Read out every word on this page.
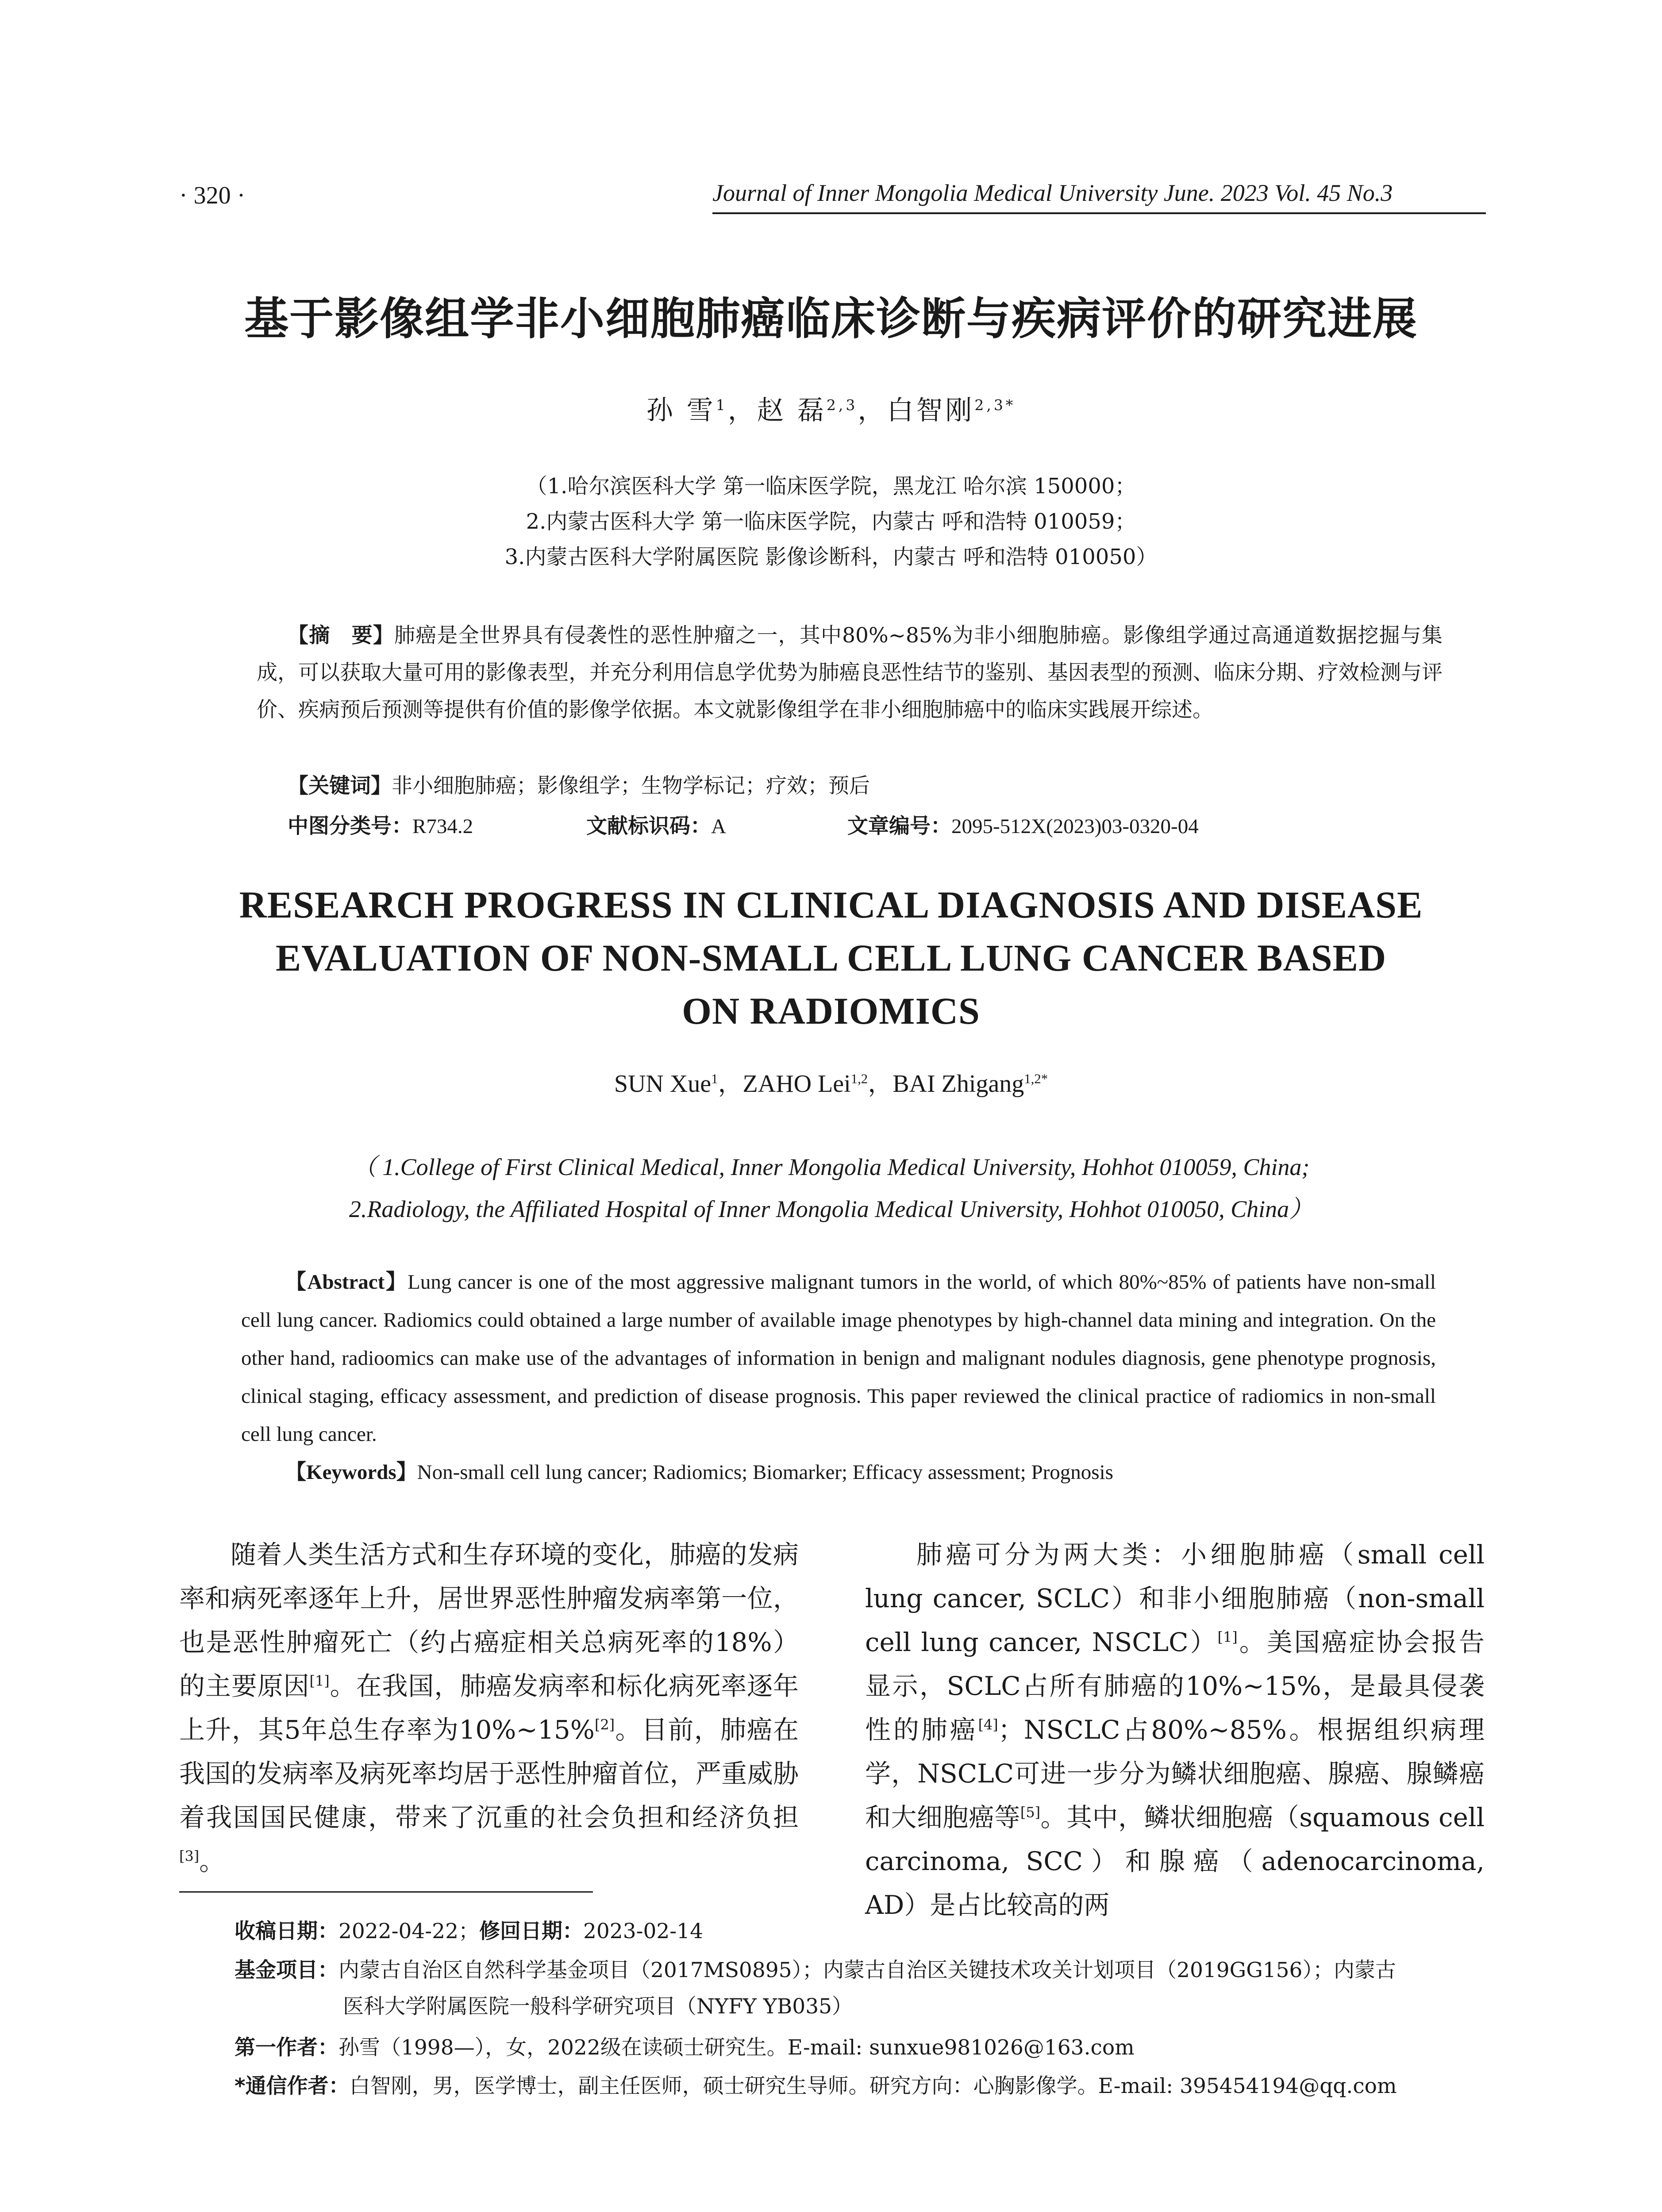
· 320 ·	Journal of Inner Mongolia Medical University June. 2023 Vol. 45 No.3
基于影像组学非小细胞肺癌临床诊断与疾病评价的研究进展
孙 雪$^1$，赵 磊$^{2,3}$，白智刚$^{2,3*}$
（1.哈尔滨医科大学 第一临床医学院，黑龙江 哈尔滨 150000；
2.内蒙古医科大学 第一临床医学院，内蒙古 呼和浩特 010059；
3.内蒙古医科大学附属医院 影像诊断科，内蒙古 呼和浩特 010050）
【摘　要】肺癌是全世界具有侵袭性的恶性肿瘤之一，其中80%~85%为非小细胞肺癌。影像组学通过高通道数据挖掘与集成，可以获取大量可用的影像表型，并充分利用信息学优势为肺癌良恶性结节的鉴别、基因表型的预测、临床分期、疗效检测与评价、疾病预后预测等提供有价值的影像学依据。本文就影像组学在非小细胞肺癌中的临床实践展开综述。
【关键词】非小细胞肺癌；影像组学；生物学标记；疗效；预后
中图分类号：R734.2	文献标识码：A	文章编号：2095-512X(2023)03-0320-04
RESEARCH PROGRESS IN CLINICAL DIAGNOSIS AND DISEASE
EVALUATION OF NON-SMALL CELL LUNG CANCER BASED
ON RADIOMICS
SUN Xue$^1$，ZAHO Lei$^{1,2}$，BAI Zhigang$^{1,2*}$
（ 1.College of First Clinical Medical, Inner Mongolia Medical University, Hohhot 010059, China;
2.Radiology, the Affiliated Hospital of Inner Mongolia Medical University, Hohhot 010050, China）
【Abstract】Lung cancer is one of the most aggressive malignant tumors in the world, of which 80%~85% of patients have non-small cell lung cancer. Radiomics could obtained a large number of available image phenotypes by high-channel data mining and integration. On the other hand, radioomics can make use of the advantages of information in benign and malignant nodules diagnosis, gene phenotype prognosis, clinical staging, efficacy assessment, and prediction of disease prognosis. This paper reviewed the clinical practice of radiomics in non-small cell lung cancer.
【Keywords】Non-small cell lung cancer; Radiomics; Biomarker; Efficacy assessment; Prognosis

随着人类生活方式和生存环境的变化，肺癌的发病率和病死率逐年上升，居世界恶性肿瘤发病率第一位，也是恶性肿瘤死亡（约占癌症相关总病死率的18%）的主要原因[1]。在我国，肺癌发病率和标化病死率逐年上升，其5年总生存率为10%~15%[2]。目前，肺癌在我国的发病率及病死率均居于恶性肿瘤首位，严重威胁着我国国民健康，带来了沉重的社会负担和经济负担[3]。

肺癌可分为两大类：小细胞肺癌（small cell lung cancer, SCLC）和非小细胞肺癌（non-small cell lung cancer, NSCLC）[1]。美国癌症协会报告显示，SCLC占所有肺癌的10%~15%，是最具侵袭性的肺癌[4]；NSCLC占80%~85%。根据组织病理学，NSCLC可进一步分为鳞状细胞癌、腺癌、腺鳞癌和大细胞癌等[5]。其中，鳞状细胞癌（squamous cell carcinoma, SCC）和腺癌（adenocarcinoma, AD）是占比较高的两

收稿日期：2022-04-22；修回日期：2023-02-14
基金项目：内蒙古自治区自然科学基金项目（2017MS0895）；内蒙古自治区关键技术攻关计划项目（2019GG156）；内蒙古
医科大学附属医院一般科学研究项目（NYFY YB035）
第一作者：孙雪（1998—），女，2022级在读硕士研究生。E-mail: sunxue981026@163.com
*通信作者：白智刚，男，医学博士，副主任医师，硕士研究生导师。研究方向：心胸影像学。E-mail: 395454194@qq.com
